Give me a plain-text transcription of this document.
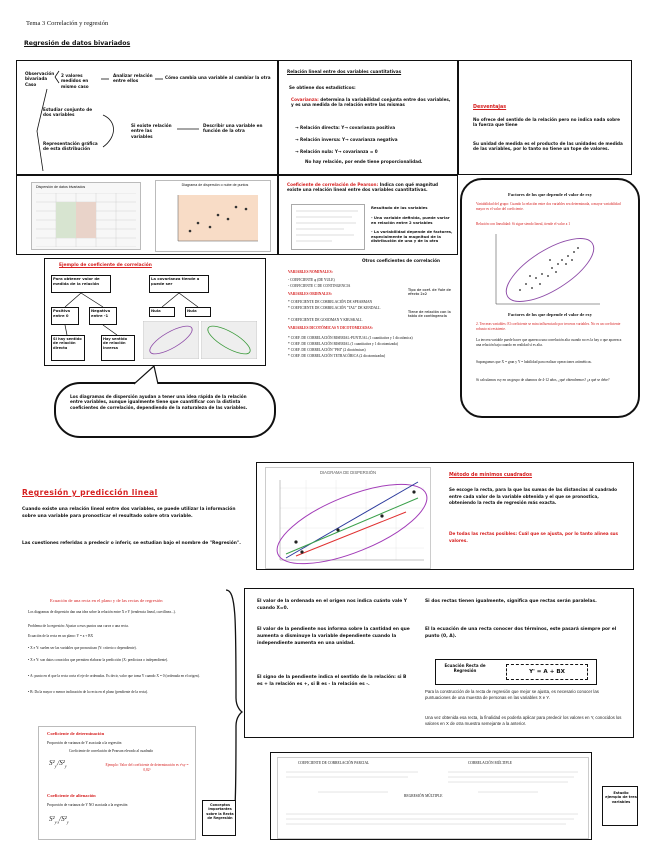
Tema 3 Correlación y regresión
Regresión de datos bivariados
Observación bivariada Caso
2 valores medidos en mismo caso
Analizar relación entre ellos
Cómo cambia una variable al cambiar la otra
Estudiar conjunto de dos variables
Representación gráfica de esta distribución
Si existe relación entre las variables
Describir una variable en función de la otra
Relación lineal entre dos variables cuantitativas
Se obtiene dos estadísticos:
Covarianza: determina la variabilidad conjunta entre dos variables, y es una medida de la relación entre las mismas
→ Relación directa: Y→ covarianza positiva
→ Relación inversa: Y→ covarianza negativa
→ Relación nula: Y→ covarianza = 0
No hay relación, por ende tiene proporcionalidad.
Desventajas
No ofrece del sentido de la relación pero no indica nada sobre la fuerza que tiene
Su unidad de medida es el producto de las unidades de medida de las variables, por lo tanto no tiene un tope de valores.
Dispersión de datos bivariados	Diagrama de dispersión o nube de puntos	Coeficiente de correlación de Pearson: Indica con qué magnitud existe una relación lineal entre dos variables cuantitativas.
Resultado de las variables
- Una variable definida, puede variar en relación entre 2 variables
- La variabilidad depende de factores, especialmente la magnitud de la distribución de una y de la otra
Factores de los que depende el valor de rxy
Variabilidad del grupo: Cuando la relación entre dos variables sea determinada, a mayor variabilidad mayor es el valor del coeficiente.
Relación con linealidad: Si sigue siendo lineal, tiende el valor a 1
Factores de los que depende el valor de rxy
2. Terceras variables: El coeficiente se mira influenciado por terceras variables. No es un coeficiente robusto ni resistente.
La tercera variable puede hacer que aparezca una correlación alta cuando no es la hay o que aparezca una relación baja cuando en realidad sí es alta.
Supongamos que X = gran y Y = habilidad para realizar operaciones aritméticas.
Si calculamos rxy en un grupo de alumnos de 4-12 años, ¿qué obtendremos? ¿a qué se debe?
Ejemplo de coeficiente de correlación
Para obtener valor de medida de la relación
La covarianza tiende a puede ser
Positiva entre 0
Negativa entre -1
Nula	Nula
Si hay sentido de relación directa
Hay sentido de relación inversa
Otros coeficientes de correlación
VARIABLES NOMINALES:
- COEFICIENTE φ (DE YULE)
- COEFICIENTE C DE CONTINGENCIA
VARIABLES ORDINALES:
* COEFICIENTE DE CORRELACIÓN DE SPEARMAN
* COEFICIENTE DE CORRELACIÓN "TAU" DE KENDALL
* COEFICIENTE DE GOODMAN Y KRUSKALL
VARIABLES DICOTÓMICAS Y DICOTOMIZADAS:
* COEF. DE CORRELACIÓN BISERIAL-PUNTUAL (1 cuantitativa y 1 dicotómica)
* COEF. DE CORRELACIÓN BISERIAL (1 cuantitativa y 1 dicotomizada)
* COEF. DE CORRELACIÓN "PHI" (2 dicotómicas)
* COEF. DE CORRELACIÓN TETRACÓRICA (2 dicotomizadas)
Tipo de coef. de Yule de efecto 2x2
Tiene de relación con la tabla de contingencia
Los diagramas de dispersión ayudan a tener una idea rápida de la relación entre variables, aunque igualmente tiene que cuantificar con la distinta coeficientes de correlación, dependiendo de la naturaleza de las variables.
Regresión y predicción lineal
Cuando existe una relación lineal entre dos variables, se puede utilizar la información sobre una variable para pronosticar el resultado sobre otra variable.
Las cuestiones referidas a predecir o inferir, se estudian bajo el nombre de "Regresión".
DIAGRAMA DE DISPERSIÓN
Método de mínimos cuadrados
Se escoge la recta, para la que las sumas de las distancias al cuadrado entre cada valor de la variable obtenida y el que se pronostica, obteniendo la recta de regresión más exacta.
De todas las rectas posibles: Cuál que se ajusta, por lo tanto alinea sus valores.
Ecuación de una recta en el plano y de las rectas de regresión
Los diagramas de dispersión dan una idea sobre la relación entre X e Y (tendencia lineal, curvilínea...).
Problema de la regresión: Ajustar a esos puntos una curva o una recta.
Ecuación de la recta en un plano: Y = a + BX
• X e Y: suelen ser las variables que pronostican (Y: criterio o dependiente).
• X e Y: son datos conocidos que permiten elaborar la predicción (X: predictora o independiente).
• A: punto en el que la recta corta el eje de ordenadas. Es decir, valor que toma Y cuando X = 0 (ordenada en el origen).
• B: Da la mayor o menor inclinación de la recta en el plano (pendiente de la recta).
El valor de la ordenada en el origen nos indica cuánto vale Y cuando X=0.
El valor de la pendiente nos informa sobre la cantidad en que aumenta o disminuye la variable dependiente cuando la independiente aumenta en una unidad.
El signo de la pendiente indica el sentido de la relación: si B es + la relación es +, si B es - la relación es -.
Si dos rectas tienen igualmente, significa que rectas serán paralelas.
El la ecuación de una recta conocer dos términos, este pasará siempre por el punto (0, A).
Ecuación Recta de Regresión	Y' = A + BX
Para la construcción de la recta de regresión que mejor se ajusta, es necesario conocer las puntuaciones de una muestra de personas en las variables X e Y.
Una vez obtenida esa recta, la finalidad es poderla aplicar para predecir los valores en Y, conocidos los valores en X de otra muestra semejante a la anterior.
Coeficiente de determinación
Proporción de varianza de Y asociada a la regresión
Coeficiente de correlación de Pearson elevado al cuadrado
$S^2_{y'}/S^2_y$	Ejemplo: Valor del coeficiente de determinación es r²xy = 0,82²
Coeficiente de alienación
Proporción de varianza de Y NO asociada a la regresión
$S^2_{y\cdot x}/S^2_y$
Conceptos Importantes sobre la Recta de Regresión
COEFICIENTE DE CORRELACIÓN PARCIAL	CORRELACIÓN MÚLTIPLE
REGRESIÓN MÚLTIPLE
Estudio ejemplo de tres variables
